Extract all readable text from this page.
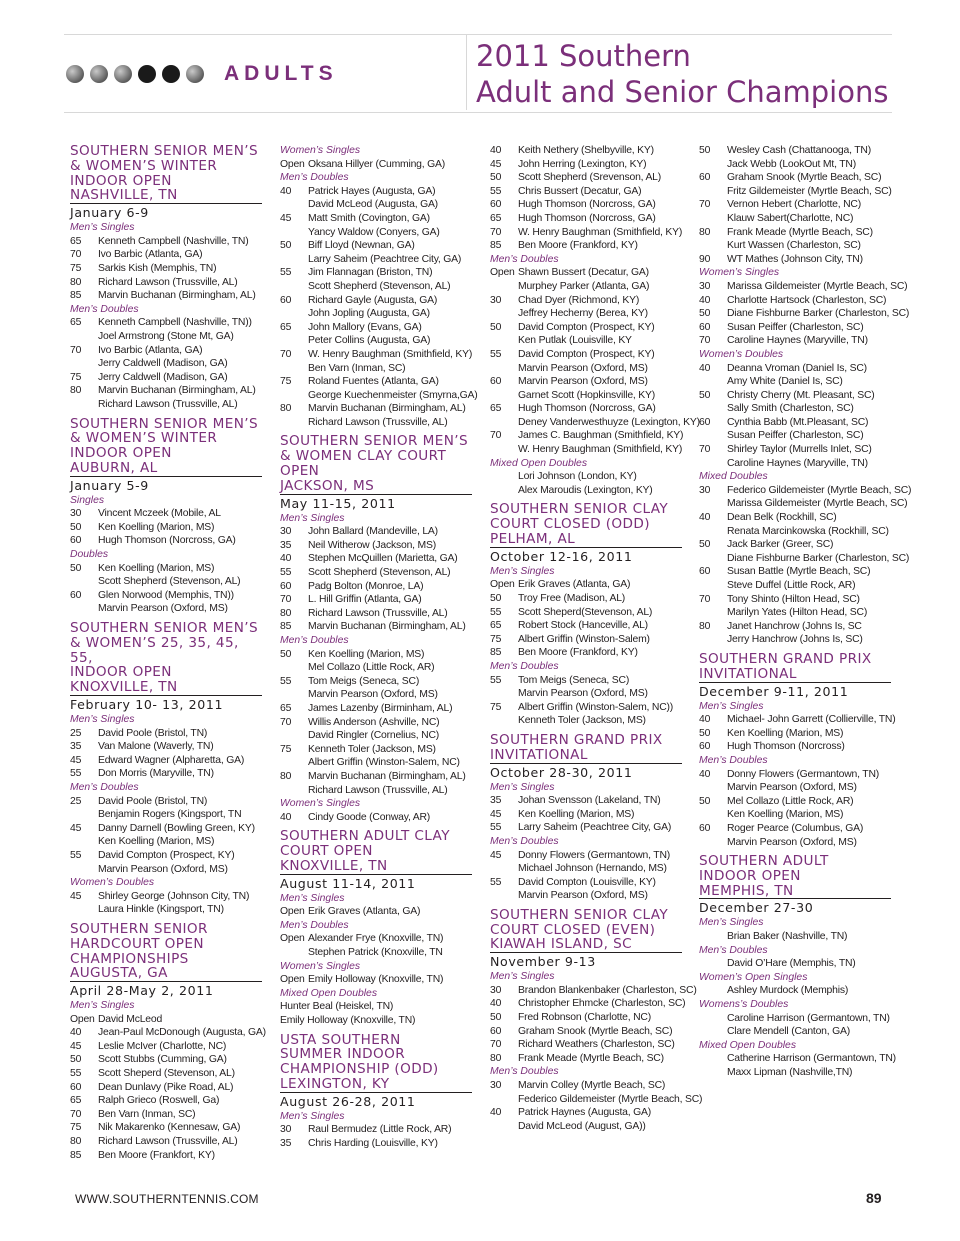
ADULTS
2011 Southern
Adult and Senior Champions
SOUTHERN SENIOR MEN’S
& WOMEN’S WINTER
INDOOR OPEN
NASHVILLE, TN
January 6-9
Men’s Singles
65	Kenneth Campbell (Nashville, TN)
70	Ivo Barbic (Atlanta, GA)
75	Sarkis Kish (Memphis, TN)
80	Richard Lawson (Trussville, AL)
85	Marvin Buchanan (Birmingham, AL)
Men’s Doubles
65	Kenneth Campbell (Nashville, TN))
Joel Armstrong (Stone Mt, GA)
70	Ivo Barbic (Atlanta, GA)
Jerry Caldwell (Madison, GA)
75	Jerry Caldwell (Madison, GA)
80	Marvin Buchanan (Birmingham, AL)
Richard Lawson (Trussville, AL)
SOUTHERN SENIOR MEN’S
& WOMEN’S WINTER
INDOOR OPEN
AUBURN, AL
January 5-9
Singles
30	Vincent Mczeek (Mobile, AL
50	Ken Koelling (Marion, MS)
60	Hugh Thomson (Norcross, GA)
Doubles
50	Ken Koelling (Marion, MS)
Scott Shepherd (Stevenson, AL)
60	Glen Norwood (Memphis, TN))
Marvin Pearson (Oxford, MS)
SOUTHERN SENIOR MEN’S
& WOMEN’S 25, 35, 45, 55,
INDOOR OPEN
KNOXVILLE, TN
February 10- 13, 2011
Men’s Singles
25	David Poole (Bristol, TN)
35	Van Malone (Waverly, TN)
45	Edward Wagner (Alpharetta, GA)
55	Don Morris (Maryville, TN)
Men’s Doubles
25	David Poole (Bristol, TN)
Benjamin Rogers (Kingsport, TN
45	Danny Darnell (Bowling Green, KY)
Ken Koelling (Marion, MS)
55	David Compton (Prospect, KY)
Marvin Pearson (Oxford, MS)
Women’s Doubles
45	Shirley George (Johnson City, TN)
Laura Hinkle (Kingsport, TN)
SOUTHERN SENIOR
HARDCOURT OPEN
CHAMPIONSHIPS
AUGUSTA, GA
April 28-May 2, 2011
Men’s Singles
Open David McLeod
40	Jean-Paul McDonough (Augusta, GA)
45	Leslie McIver (Charlotte, NC)
50	Scott Stubbs (Cumming, GA)
55	Scott Sheperd (Stevenson, AL)
60	Dean Dunlavy (Pike Road, AL)
65	Ralph Grieco (Roswell, Ga)
70	Ben Varn (Inman, SC)
75	Nik Makarenko (Kennesaw, GA)
80	Richard Lawson (Trussville, AL)
85	Ben Moore (Frankfort, KY)
Women’s Singles
Open Oksana Hillyer (Cumming, GA)
Men’s Doubles
40	Patrick Hayes (Augusta, GA)
David McLeod (Augusta, GA)
45	Matt Smith (Covington, GA)
Yancy Waldow (Conyers, GA)
50	Biff Lloyd (Newnan, GA)
Larry Saheim (Peachtree City, GA)
55	Jim Flannagan (Briston, TN)
Scott Shepherd (Stevenson, AL)
60	Richard Gayle (Augusta, GA)
John Jopling (Augusta, GA)
65	John Mallory (Evans, GA)
Peter Collins (Augusta, GA)
70	W. Henry Baughman (Smithfield, KY)
Ben Varn (Inman, SC)
75	Roland Fuentes (Atlanta, GA)
George Kuechenmeister (Smyrna,GA)
80	Marvin Buchanan (Birmingham, AL)
Richard Lawson (Trussville, AL)
SOUTHERN SENIOR MEN’S
& WOMEN CLAY COURT
OPEN
JACKSON, MS
May 11-15, 2011
Men’s Singles
30	John Ballard (Mandeville, LA)
35	Neil Witherow (Jackson, MS)
40	Stephen McQuillen (Marietta, GA)
55	Scott Shepherd (Stevenson, AL)
60	Padg Bolton (Monroe, LA)
70	L. Hill Griffin (Atlanta, GA)
80	Richard Lawson (Trussville, AL)
85	Marvin Buchanan (Birmingham, AL)
Men’s Doubles
50	Ken Koelling (Marion, MS)
Mel Collazo (Little Rock, AR)
55	Tom Meigs (Seneca, SC)
Marvin Pearson (Oxford, MS)
65	James Lazenby (Birminham, AL)
70	Willis Anderson (Ashville, NC)
David Ringler (Cornelius, NC)
75	Kenneth Toler (Jackson, MS)
Albert Griffin (Winston-Salem, NC)
80	Marvin Buchanan (Birmingham, AL)
Richard Lawson (Trussville, AL)
Women’s Singles
40	Cindy Goode (Conway, AR)
SOUTHERN ADULT CLAY
COURT OPEN
KNOXVILLE, TN
August 11-14, 2011
Men’s Singles
Open Erik Graves (Atlanta, GA)
Men’s Doubles
Open Alexander Frye (Knoxville, TN)
Stephen Patrick (Knoxville, TN
Women’s Singles
Open Emily Holloway (Knoxville, TN)
Mixed Open Doubles
Hunter Beal (Heiskel, TN)
Emily Holloway (Knoxville, TN)
USTA SOUTHERN
SUMMER INDOOR
CHAMPIONSHIP (ODD)
LEXINGTON, KY
August 26-28, 2011
Men’s Singles
30	Raul Bermudez (Little Rock, AR)
35	Chris Harding (Louisville, KY)
40	Keith Nethery (Shelbyville, KY)
45	John Herring (Lexington, KY)
50	Scott Shepherd (Srevenson, AL)
55	Chris Bussert (Decatur, GA)
60	Hugh Thomson (Norcross, GA)
65	Hugh Thomson (Norcross, GA)
70	W. Henry Baughman (Smithfield, KY)
85	Ben Moore (Frankford, KY)
Men’s Doubles
Open Shawn Bussert (Decatur, GA)
Murphey Parker (Atlanta, GA)
30	Chad Dyer (Richmond, KY)
Jeffrey Hecherny (Berea, KY)
50	David Compton (Prospect, KY)
Ken Putlak (Louisville, KY
55	David Compton (Prospect, KY)
Marvin Pearson (Oxford, MS)
60	Marvin Pearson (Oxford, MS)
Garnet Scott (Hopkinsville, KY)
65	Hugh Thomson (Norcross, GA)
Deney Vanderwesthuyze (Lexington, KY)
70	James C. Baughman (Smithfield, KY)
W. Henry Baughman (Smithfield, KY)
Mixed Open Doubles
Lori Johnson (London, KY)
Alex Maroudis (Lexington, KY)
SOUTHERN SENIOR CLAY
COURT CLOSED (ODD)
PELHAM, AL
October 12-16, 2011
Men’s Singles
Open Erik Graves (Atlanta, GA)
50	Troy Free (Madison, AL)
55	Scott Sheperd(Stevenson, AL)
65	Robert Stock (Hanceville, AL)
75	Albert Griffin (Winston-Salem)
85	Ben Moore (Frankford, KY)
Men’s Doubles
55	Tom Meigs (Seneca, SC)
Marvin Pearson (Oxford, MS)
75	Albert Griffin (Winston-Salem, NC))
Kenneth Toler (Jackson, MS)
SOUTHERN GRAND PRIX
INVITATIONAL
October 28-30, 2011
Men’s Singles
35	Johan Svensson (Lakeland, TN)
45	Ken Koelling (Marion, MS)
55	Larry Saheim (Peachtree City, GA)
Men’s Doubles
45	Donny Flowers (Germantown, TN)
Michael Johnson (Hernando, MS)
55	David Compton (Louisville, KY)
Marvin Pearson (Oxford, MS)
SOUTHERN SENIOR CLAY
COURT CLOSED (EVEN)
KIAWAH ISLAND, SC
November 9-13
Men’s Singles
30	Brandon Blankenbaker (Charleston, SC)
40	Christopher Ehmcke (Charleston, SC)
50	Fred Robnson (Charlotte, NC)
60	Graham Snook (Myrtle Beach, SC)
70	Richard Weathers (Charleston, SC)
80	Frank Meade (Myrtle Beach, SC)
Men’s Doubles
30	Marvin Colley (Myrtle Beach, SC)
Federico Gildemeister (Myrtle Beach, SC)
40	Patrick Haynes (Augusta, GA)
David McLeod (August, GA))
50	Wesley Cash (Chattanooga, TN)
Jack Webb (LookOut Mt, TN)
60	Graham Snook (Myrtle Beach, SC)
Fritz Gildemeister (Myrtle Beach, SC)
70	Vernon Hebert (Charlotte, NC)
Klauw Sabert(Charlotte, NC)
80	Frank Meade (Myrtle Beach, SC)
Kurt Wassen (Charleston, SC)
90	WT Mathes (Johnson City, TN)
Women’s Singles
30	Marissa Gildemeister (Myrtle Beach, SC)
40	Charlotte Hartsock (Charleston, SC)
50	Diane Fishburne Barker (Charleston, SC)
60	Susan Peiffer (Charleston, SC)
70	Caroline Haynes (Maryville, TN)
Women’s Doubles
40	Deanna Vroman (Daniel Is, SC)
Amy White (Daniel Is, SC)
50	Christy Cherry (Mt. Pleasant, SC)
Sally Smith (Charleston, SC)
60	Cynthia Babb (Mt.Pleasant, SC)
Susan Peiffer (Charleston, SC)
70	Shirley Taylor (Murrells Inlet, SC)
Caroline Haynes (Maryville, TN)
Mixed Doubles
30	Federico Gildemeister (Myrtle Beach, SC)
Marissa Gildemeister (Myrtle Beach, SC)
40	Dean Belk (Rockhill, SC)
Renata Marcinkowska (Rockhill, SC)
50	Jack Barker (Greer, SC)
Diane Fishburne Barker (Charleston, SC)
60	Susan Battle (Myrtle Beach, SC)
Steve Duffel (Little Rock, AR)
70	Tony Shinto (Hilton Head, SC)
Marilyn Yates (Hilton Head, SC)
80	Janet Hanchrow (Johns Is, SC
Jerry Hanchrow (Johns Is, SC)
SOUTHERN GRAND PRIX
INVITATIONAL
December 9-11, 2011
Men’s Singles
40	Michael- John Garrett (Collierville, TN)
50	Ken Koelling (Marion, MS)
60	Hugh Thomson (Norcross)
Men’s Doubles
40	Donny Flowers (Germantown, TN)
Marvin Pearson (Oxford, MS)
50	Mel Collazo (Little Rock, AR)
Ken Koelling (Marion, MS)
60	Roger Pearce (Columbus, GA)
Marvin Pearson (Oxford, MS)
SOUTHERN ADULT
INDOOR OPEN
MEMPHIS, TN
December 27-30
Men’s Singles
Brian Baker (Nashville, TN)
Men’s Doubles
David O’Hare (Memphis, TN)
Women’s Open Singles
Ashley Murdock (Memphis)
Womens’s Doubles
Caroline Harrison (Germantown, TN)
Clare Mendell (Canton, GA)
Mixed Open Doubles
Catherine Harrison (Germantown, TN)
Maxx Lipman (Nashville,TN)
WWW.SOUTHERNTENNIS.COM	89
